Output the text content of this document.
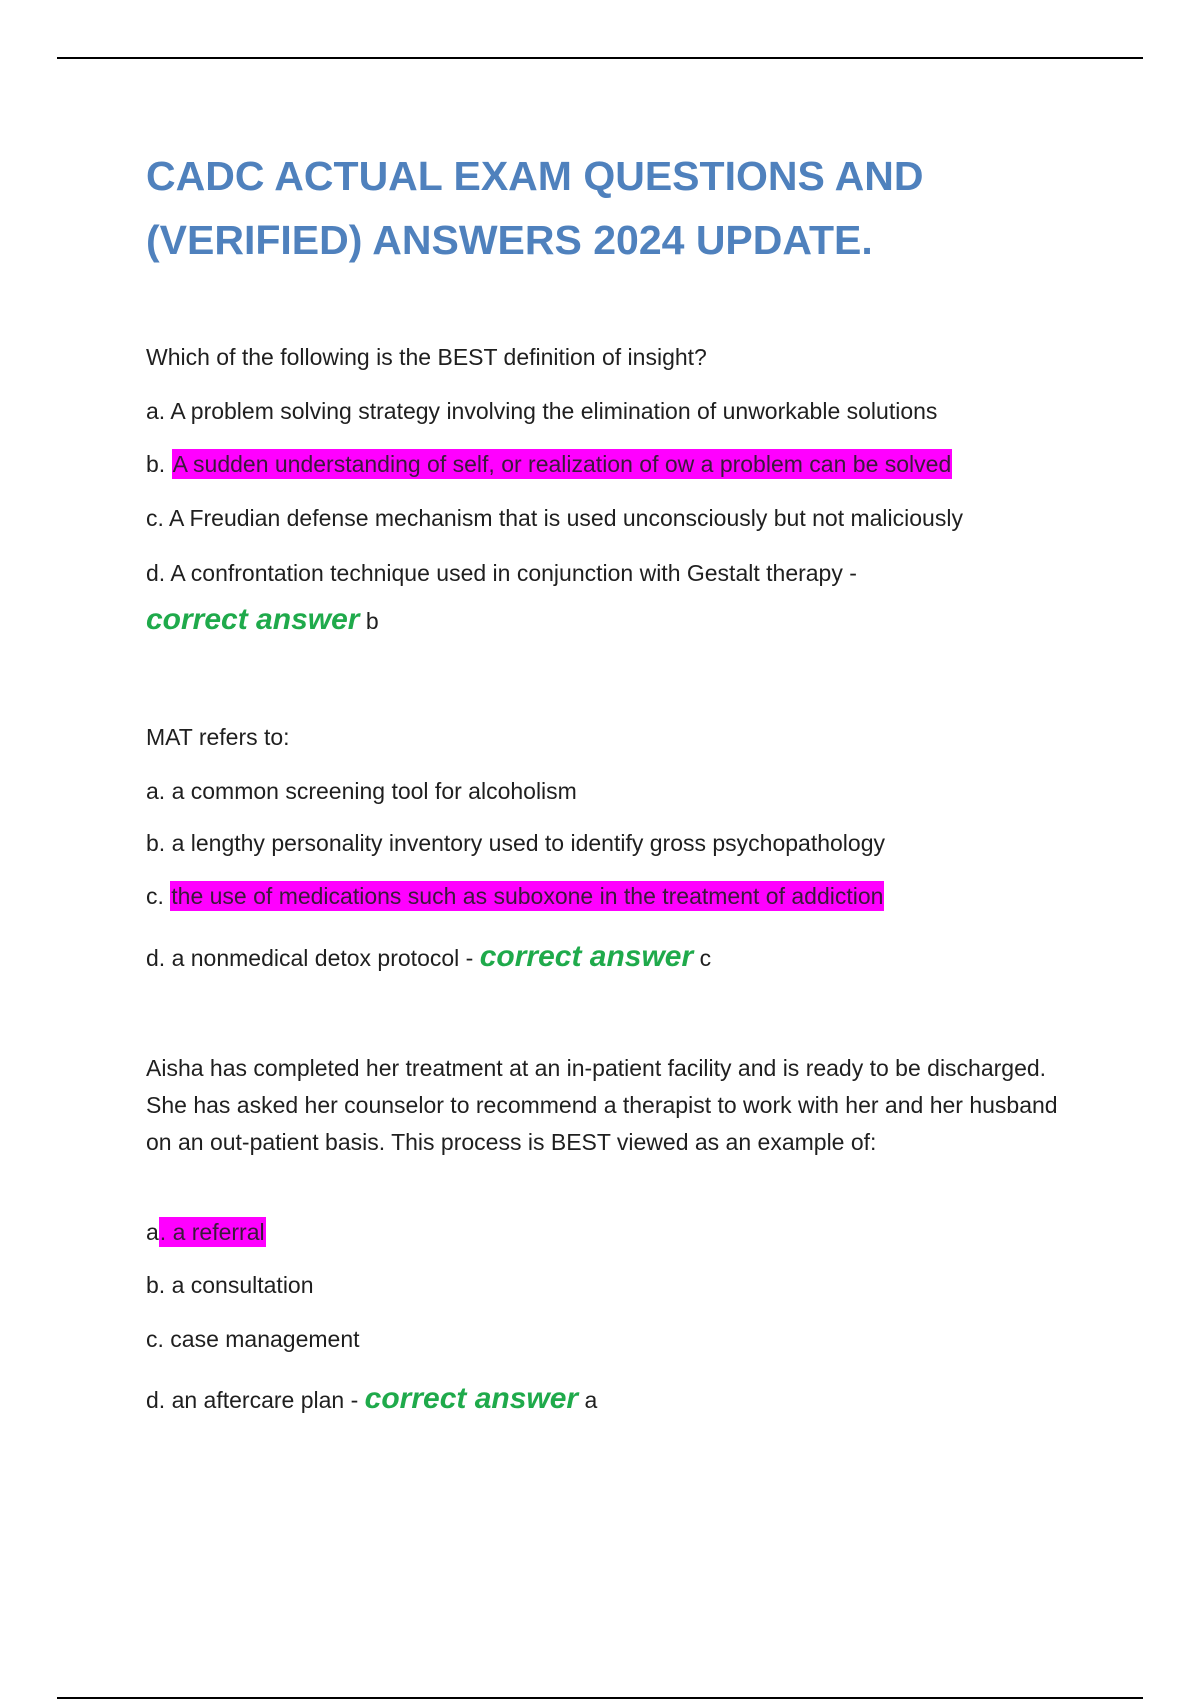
CADC ACTUAL EXAM QUESTIONS AND
(VERIFIED) ANSWERS 2024 UPDATE.
Which of the following is the BEST definition of insight?
a. A problem solving strategy involving the elimination of unworkable solutions
b. A sudden understanding of self, or realization of ow a problem can be solved
c. A Freudian defense mechanism that is used unconsciously but not maliciously
d. A confrontation technique used in conjunction with Gestalt therapy -
correct answer b
MAT refers to:
a. a common screening tool for alcoholism
b. a lengthy personality inventory used to identify gross psychopathology
c. the use of medications such as suboxone in the treatment of addiction
d. a nonmedical detox protocol - correct answer c
Aisha has completed her treatment at an in-patient facility and is ready to be discharged. She has asked her counselor to recommend a therapist to work with her and her husband on an out-patient basis. This process is BEST viewed as an example of:
a. a referral
b. a consultation
c. case management
d. an aftercare plan - correct answer a
